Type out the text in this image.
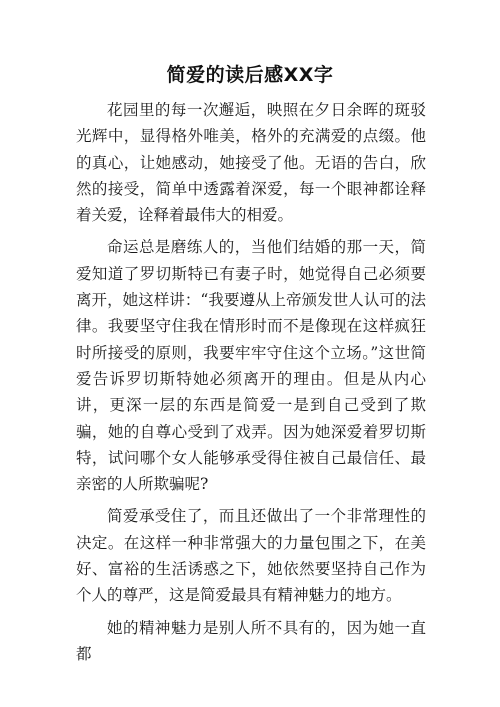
简爱的读后感XX字

花园里的每一次邂逅，映照在夕日余晖的斑驳光辉中，显得格外唯美，格外的充满爱的点缀。他的真心，让她感动，她接受了他。无语的告白，欣然的接受，简单中透露着深爱，每一个眼神都诠释着关爱，诠释着最伟大的相爱。

命运总是磨练人的，当他们结婚的那一天，简爱知道了罗切斯特已有妻子时，她觉得自己必须要离开，她这样讲：“我要遵从上帝颁发世人认可的法律。我要坚守住我在情形时而不是像现在这样疯狂时所接受的原则，我要牢牢守住这个立场。”这世简爱告诉罗切斯特她必须离开的理由。但是从内心讲，更深一层的东西是简爱一是到自己受到了欺骗，她的自尊心受到了戏弄。因为她深爱着罗切斯特，试问哪个女人能够承受得住被自己最信任、最亲密的人所欺骗呢?

简爱承受住了，而且还做出了一个非常理性的决定。在这样一种非常强大的力量包围之下，在美好、富裕的生活诱惑之下，她依然要坚持自己作为个人的尊严，这是简爱最具有精神魅力的地方。

她的精神魅力是别人所不具有的，因为她一直都
